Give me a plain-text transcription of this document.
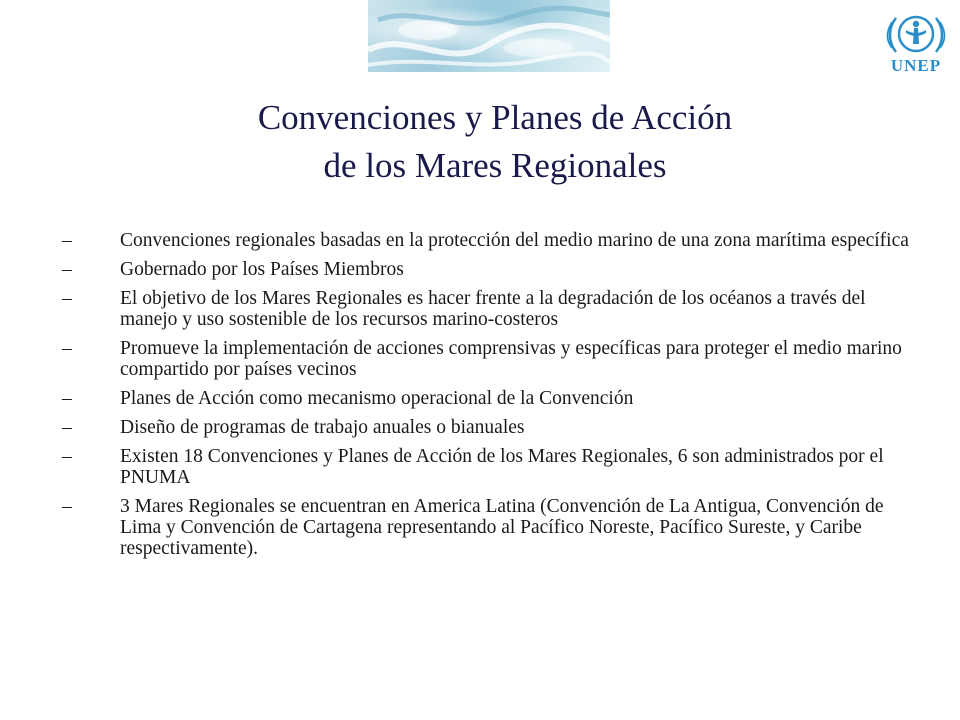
UNEP
Convenciones y Planes de Acción
de los Mares Regionales
–	Convenciones regionales basadas en la protección del medio marino de una zona marítima específica
–	Gobernado por los Países Miembros
–	El objetivo de los Mares Regionales es hacer frente a la degradación de los océanos a través del manejo y uso sostenible de los recursos marino-costeros
–	Promueve la implementación de acciones comprensivas y específicas para proteger el medio marino compartido por países vecinos
–	Planes de Acción como mecanismo operacional de la Convención
–	Diseño de programas de trabajo anuales o bianuales
–	Existen 18 Convenciones y Planes de Acción de los Mares Regionales, 6 son administrados por el PNUMA
–	3 Mares Regionales se encuentran en America Latina (Convención de La Antigua, Convención de Lima y Convención de Cartagena representando al Pacífico Noreste, Pacífico Sureste, y Caribe respectivamente).
